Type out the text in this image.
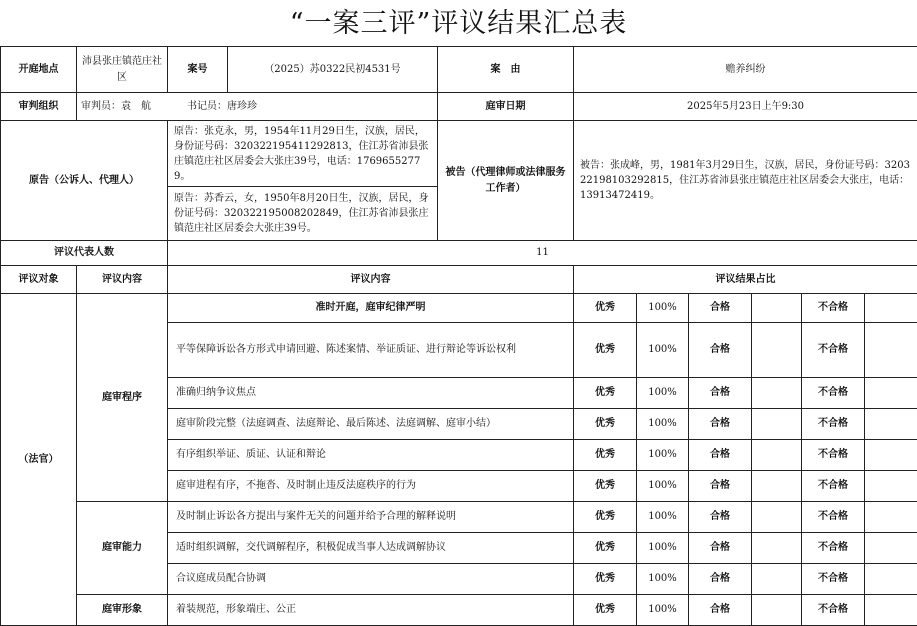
“一案三评”评议结果汇总表
开庭地点	沛县张庄镇范庄社区	案号	（2025）苏0322民初4531号	案　由	赡养纠纷					
审判组织	审判员：袁　航 书记员：唐珍珍			庭审日期	2025年5月23日上午9:30					
原告（公诉人、代理人）		原告：张克永，男，1954年11月29日生，汉族，居民，身份证号码：320322195411292813，住江苏省沛县张庄镇范庄社区居委会大张庄39号，电话：17696552779。		被告（代理律师或法律服务工作者）	被告：张成峰，男，1981年3月29日生，汉族，居民，身份证号码：320322198103292815，住江苏省沛县张庄镇范庄社区居委会大张庄，电话：13913472419。					
		原告：苏香云，女，1950年8月20日生，汉族，居民，身份证号码：320322195008202849，住江苏省沛县张庄镇范庄社区居委会大张庄39号。								
评议代表人数		11								
评议对象	评议内容	评议内容			评议结果占比					
（法官）	庭审程序	准时开庭，庭审纪律严明			优秀	100%	合格		不合格	
		平等保障诉讼各方形式申请回避、陈述案情、举证质证、进行辩论等诉讼权利			优秀	100%	合格		不合格	
		准确归纳争议焦点			优秀	100%	合格		不合格	
		庭审阶段完整（法庭调查、法庭辩论、最后陈述、法庭调解、庭审小结）			优秀	100%	合格		不合格	
		有序组织举证、质证、认证和辩论			优秀	100%	合格		不合格	
		庭审进程有序，不拖沓、及时制止违反法庭秩序的行为			优秀	100%	合格		不合格	
	庭审能力	及时制止诉讼各方提出与案件无关的问题并给予合理的解释说明			优秀	100%	合格		不合格	
		适时组织调解，交代调解程序，积极促成当事人达成调解协议			优秀	100%	合格		不合格	
		合议庭成员配合协调			优秀	100%	合格		不合格	
	庭审形象	着装规范，形象端庄、公正			优秀	100%	合格		不合格	
